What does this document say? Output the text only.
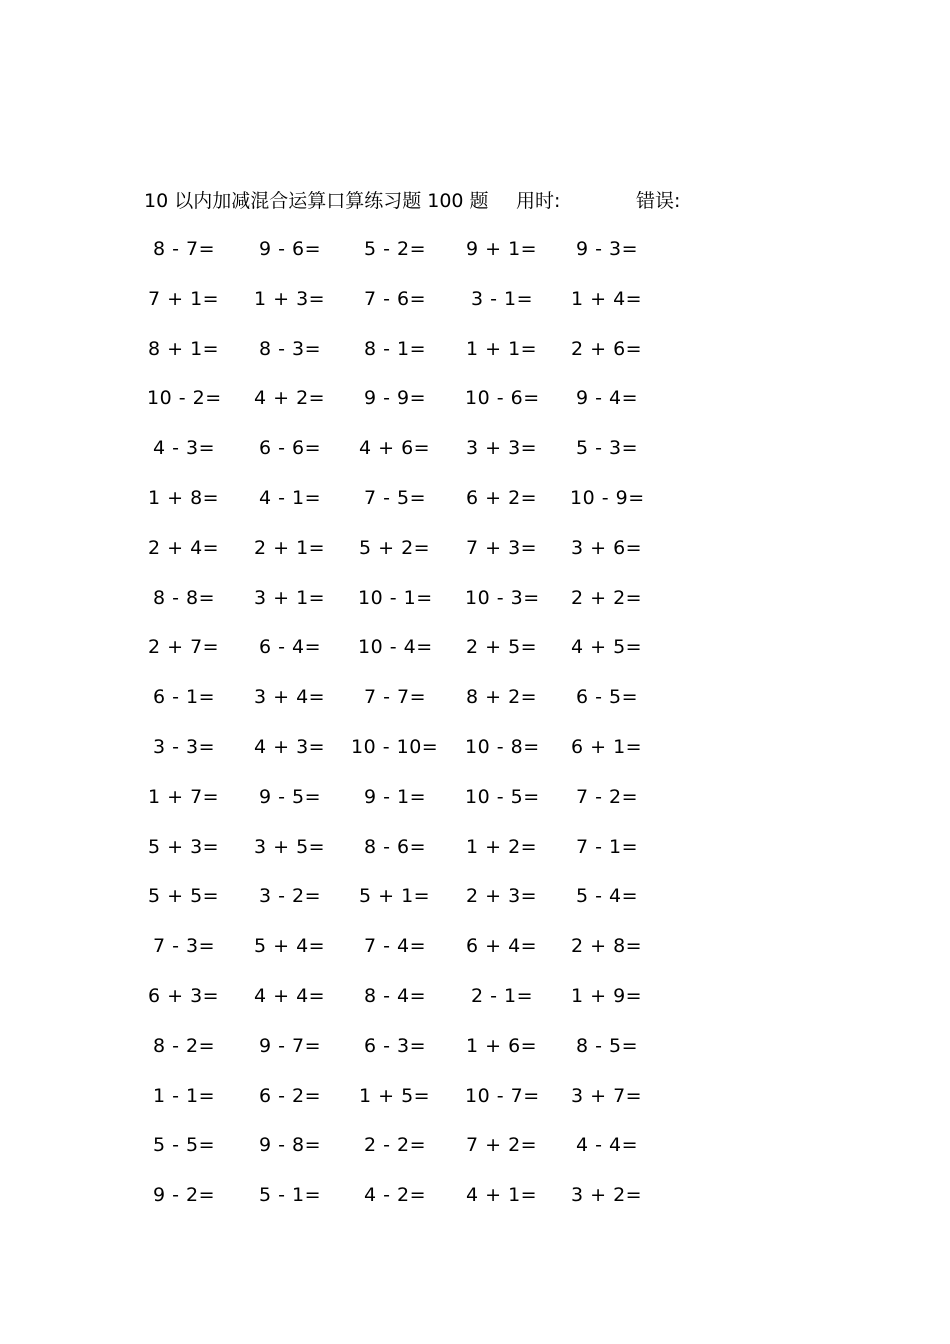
10 以内加减混合运算口算练习题 100 题 用时:	错误:
8 - 7= 9 - 6= 5 - 2= 9 + 1= 9 - 3=
7 + 1= 1 + 3= 7 - 6= 3 - 1= 1 + 4=
8 + 1= 8 - 3= 8 - 1= 1 + 1= 2 + 6=
10 - 2= 4 + 2= 9 - 9= 10 - 6= 9 - 4=
4 - 3= 6 - 6= 4 + 6= 3 + 3= 5 - 3=
1 + 8= 4 - 1= 7 - 5= 6 + 2= 10 - 9=
2 + 4= 2 + 1= 5 + 2= 7 + 3= 3 + 6=
8 - 8= 3 + 1= 10 - 1= 10 - 3= 2 + 2=
2 + 7= 6 - 4= 10 - 4= 2 + 5= 4 + 5=
6 - 1= 3 + 4= 7 - 7= 8 + 2= 6 - 5=
3 - 3= 4 + 3= 10 - 10= 10 - 8= 6 + 1=
1 + 7= 9 - 5= 9 - 1= 10 - 5= 7 - 2=
5 + 3= 3 + 5= 8 - 6= 1 + 2= 7 - 1=
5 + 5= 3 - 2= 5 + 1= 2 + 3= 5 - 4=
7 - 3= 5 + 4= 7 - 4= 6 + 4= 2 + 8=
6 + 3= 4 + 4= 8 - 4= 2 - 1= 1 + 9=
8 - 2= 9 - 7= 6 - 3= 1 + 6= 8 - 5=
1 - 1= 6 - 2= 1 + 5= 10 - 7= 3 + 7=
5 - 5= 9 - 8= 2 - 2= 7 + 2= 4 - 4=
9 - 2= 5 - 1= 4 - 2= 4 + 1= 3 + 2=
